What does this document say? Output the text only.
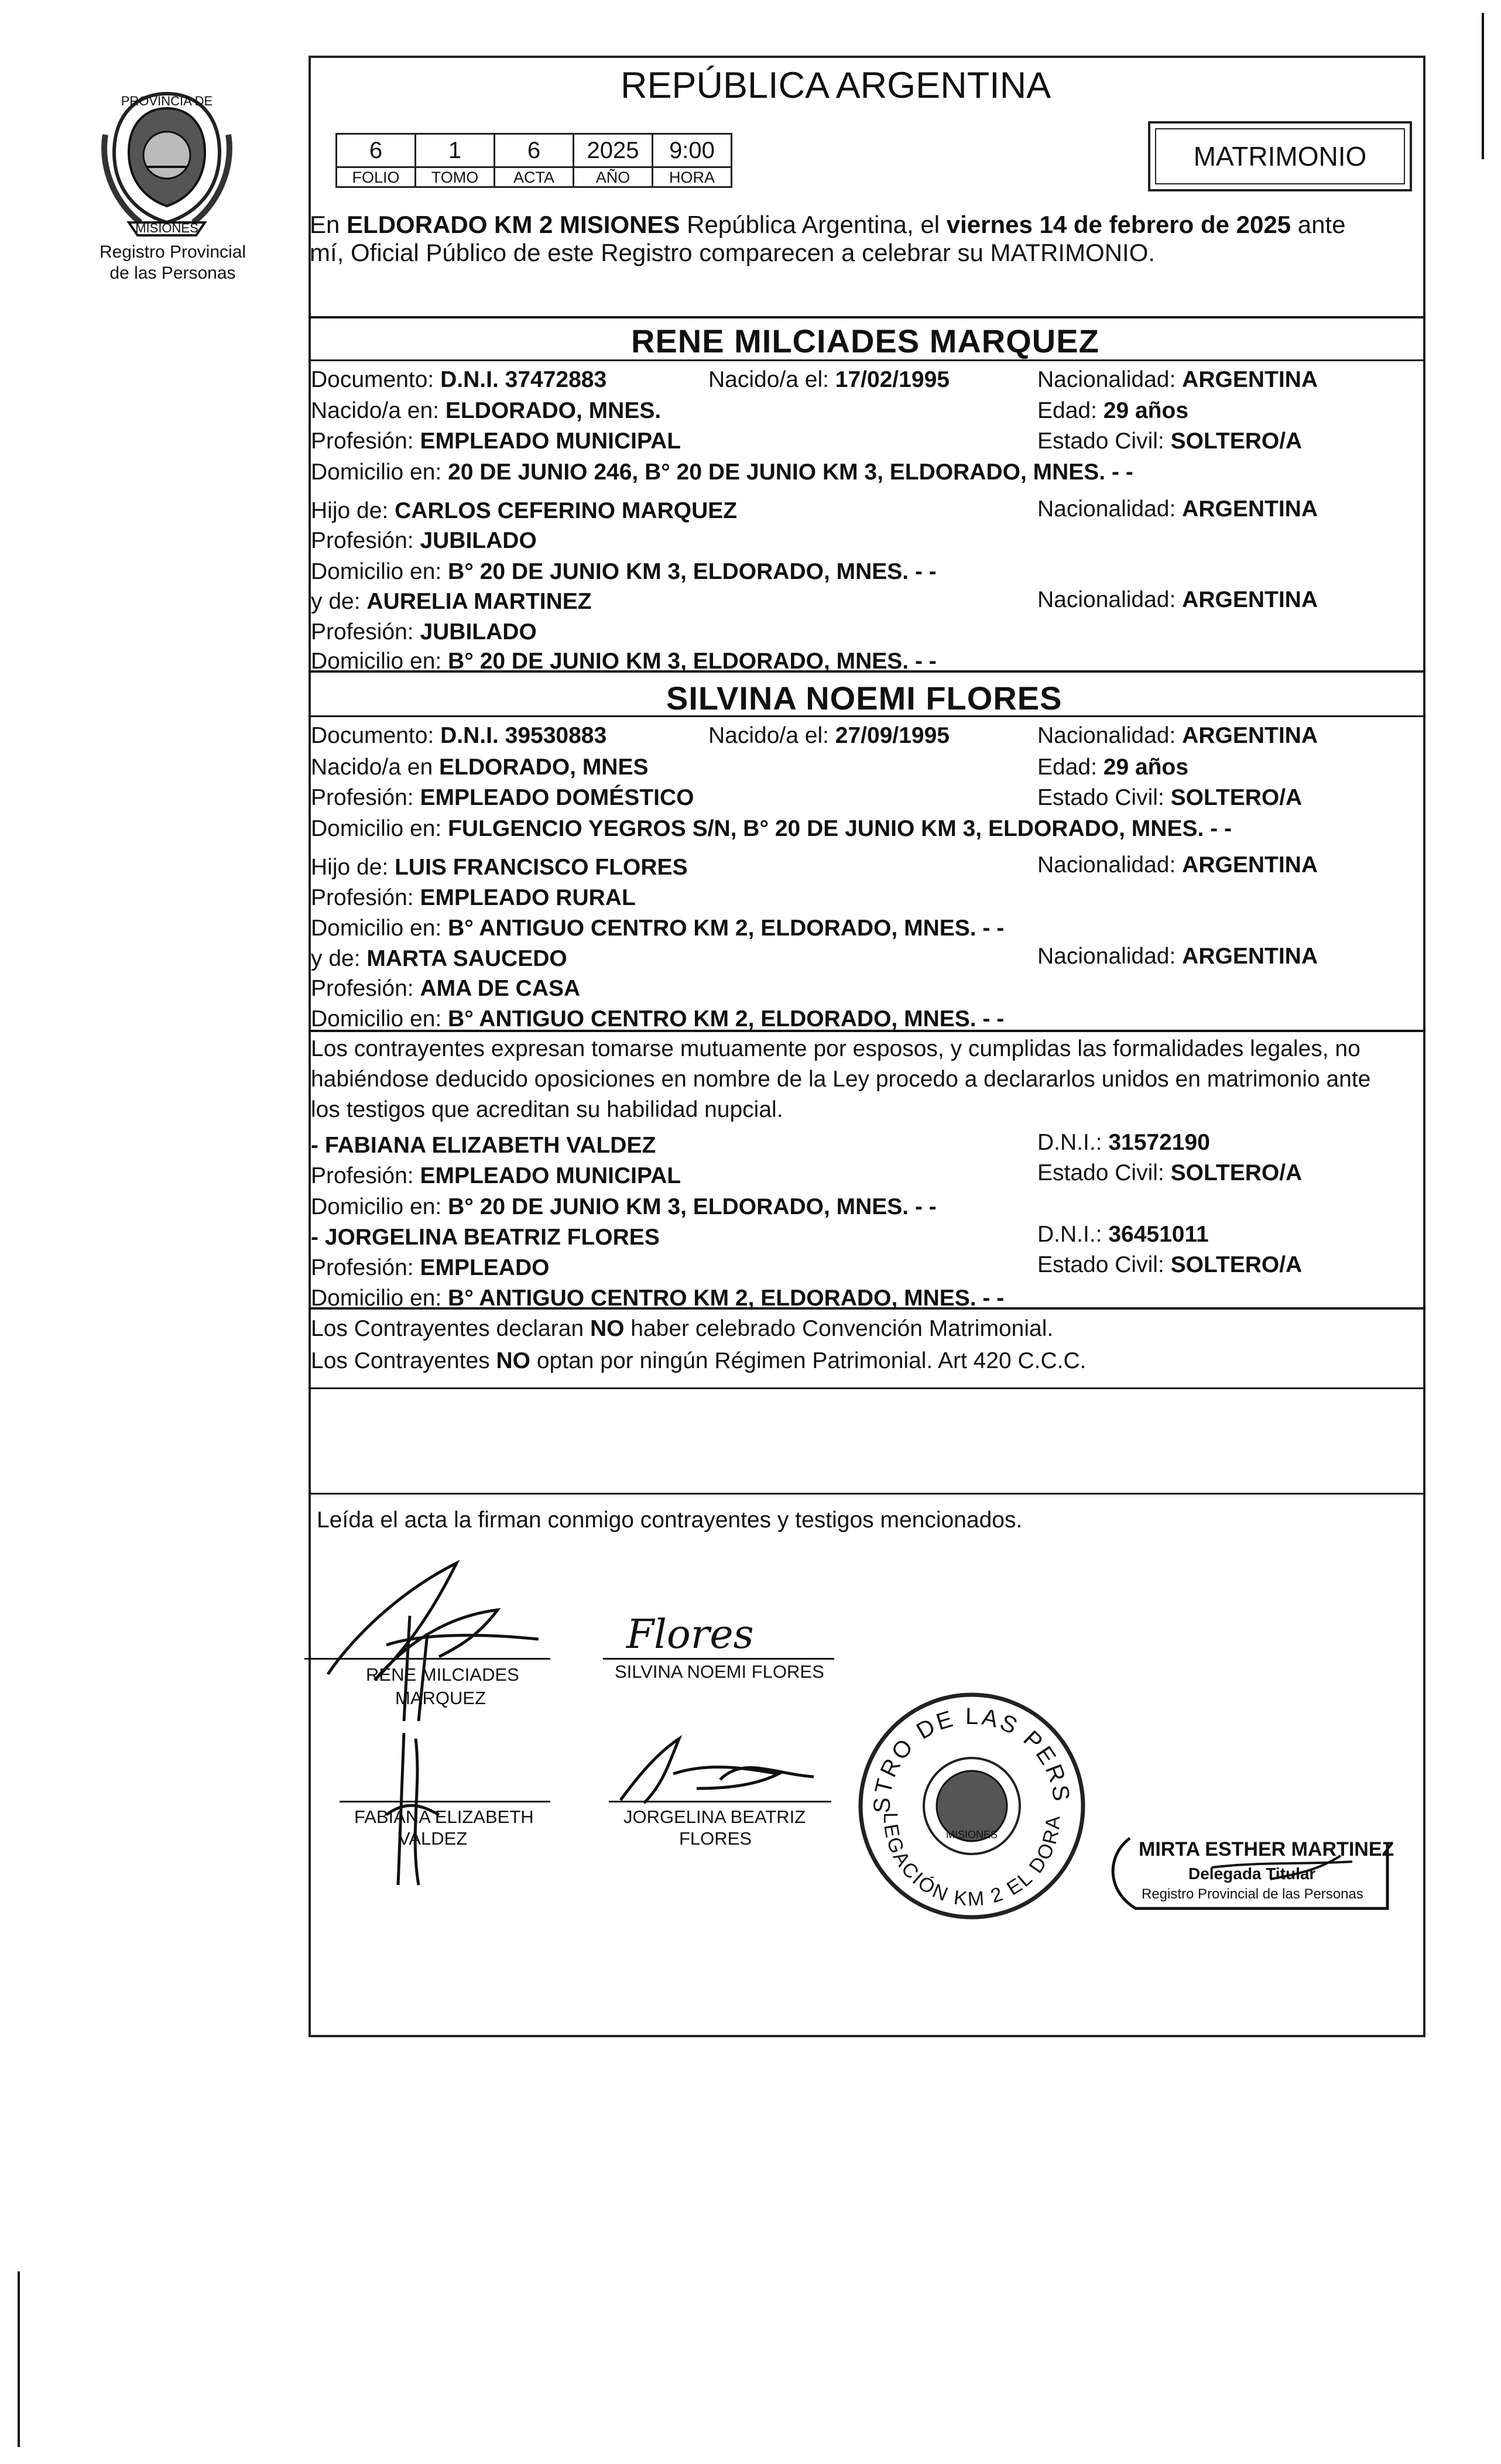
PROVINCIA DE
MISIONES
Registro Provincial
de las Personas
REPÚBLICA ARGENTINA
6	1	6	2025	9:00
FOLIO	TOMO	ACTA	AÑO	HORA
MATRIMONIO
En ELDORADO KM 2 MISIONES República Argentina, el viernes 14 de febrero de 2025 ante
mí, Oficial Público de este Registro comparecen a celebrar su MATRIMONIO.
RENE MILCIADES MARQUEZ
Documento: D.N.I. 37472883	Nacido/a el: 17/02/1995	Nacionalidad: ARGENTINA
Nacido/a en: ELDORADO, MNES.	Edad: 29 años
Profesión: EMPLEADO MUNICIPAL	Estado Civil: SOLTERO/A
Domicilio en: 20 DE JUNIO 246, B° 20 DE JUNIO KM 3, ELDORADO, MNES. - -
Hijo de: CARLOS CEFERINO MARQUEZ	Nacionalidad: ARGENTINA
Profesión: JUBILADO
Domicilio en: B° 20 DE JUNIO KM 3, ELDORADO, MNES. - -
y de: AURELIA MARTINEZ	Nacionalidad: ARGENTINA
Profesión: JUBILADO
Domicilio en: B° 20 DE JUNIO KM 3, ELDORADO, MNES. - -
SILVINA NOEMI FLORES
Documento: D.N.I. 39530883	Nacido/a el: 27/09/1995	Nacionalidad: ARGENTINA
Nacido/a en ELDORADO, MNES	Edad: 29 años
Profesión: EMPLEADO DOMÉSTICO	Estado Civil: SOLTERO/A
Domicilio en: FULGENCIO YEGROS S/N, B° 20 DE JUNIO KM 3, ELDORADO, MNES. - -
Hijo de: LUIS FRANCISCO FLORES	Nacionalidad: ARGENTINA
Profesión: EMPLEADO RURAL
Domicilio en: B° ANTIGUO CENTRO KM 2, ELDORADO, MNES. - -
y de: MARTA SAUCEDO	Nacionalidad: ARGENTINA
Profesión: AMA DE CASA
Domicilio en: B° ANTIGUO CENTRO KM 2, ELDORADO, MNES. - -
Los contrayentes expresan tomarse mutuamente por esposos, y cumplidas las formalidades legales, no
habiéndose deducido oposiciones en nombre de la Ley procedo a declararlos unidos en matrimonio ante
los testigos que acreditan su habilidad nupcial.
- FABIANA ELIZABETH VALDEZ	D.N.I.: 31572190
Profesión: EMPLEADO MUNICIPAL	Estado Civil: SOLTERO/A
Domicilio en: B° 20 DE JUNIO KM 3, ELDORADO, MNES. - -
- JORGELINA BEATRIZ FLORES	D.N.I.: 36451011
Profesión: EMPLEADO	Estado Civil: SOLTERO/A
Domicilio en: B° ANTIGUO CENTRO KM 2, ELDORADO, MNES. - -
Los Contrayentes declaran NO haber celebrado Convención Matrimonial.
Los Contrayentes NO optan por ningún Régimen Patrimonial. Art 420 C.C.C.
Leída el acta la firman conmigo contrayentes y testigos mencionados.
RENE MILCIADES
MARQUEZ
SILVINA NOEMI FLORES
FABIANA ELIZABETH
VALDEZ
JORGELINA BEATRIZ
FLORES
Flores
STRO DE LAS PERS
LEGACIÓN KM 2 EL DORA
MISIONES
MIRTA ESTHER MARTINEZ
Delegada Titular
Registro Provincial de las Personas
